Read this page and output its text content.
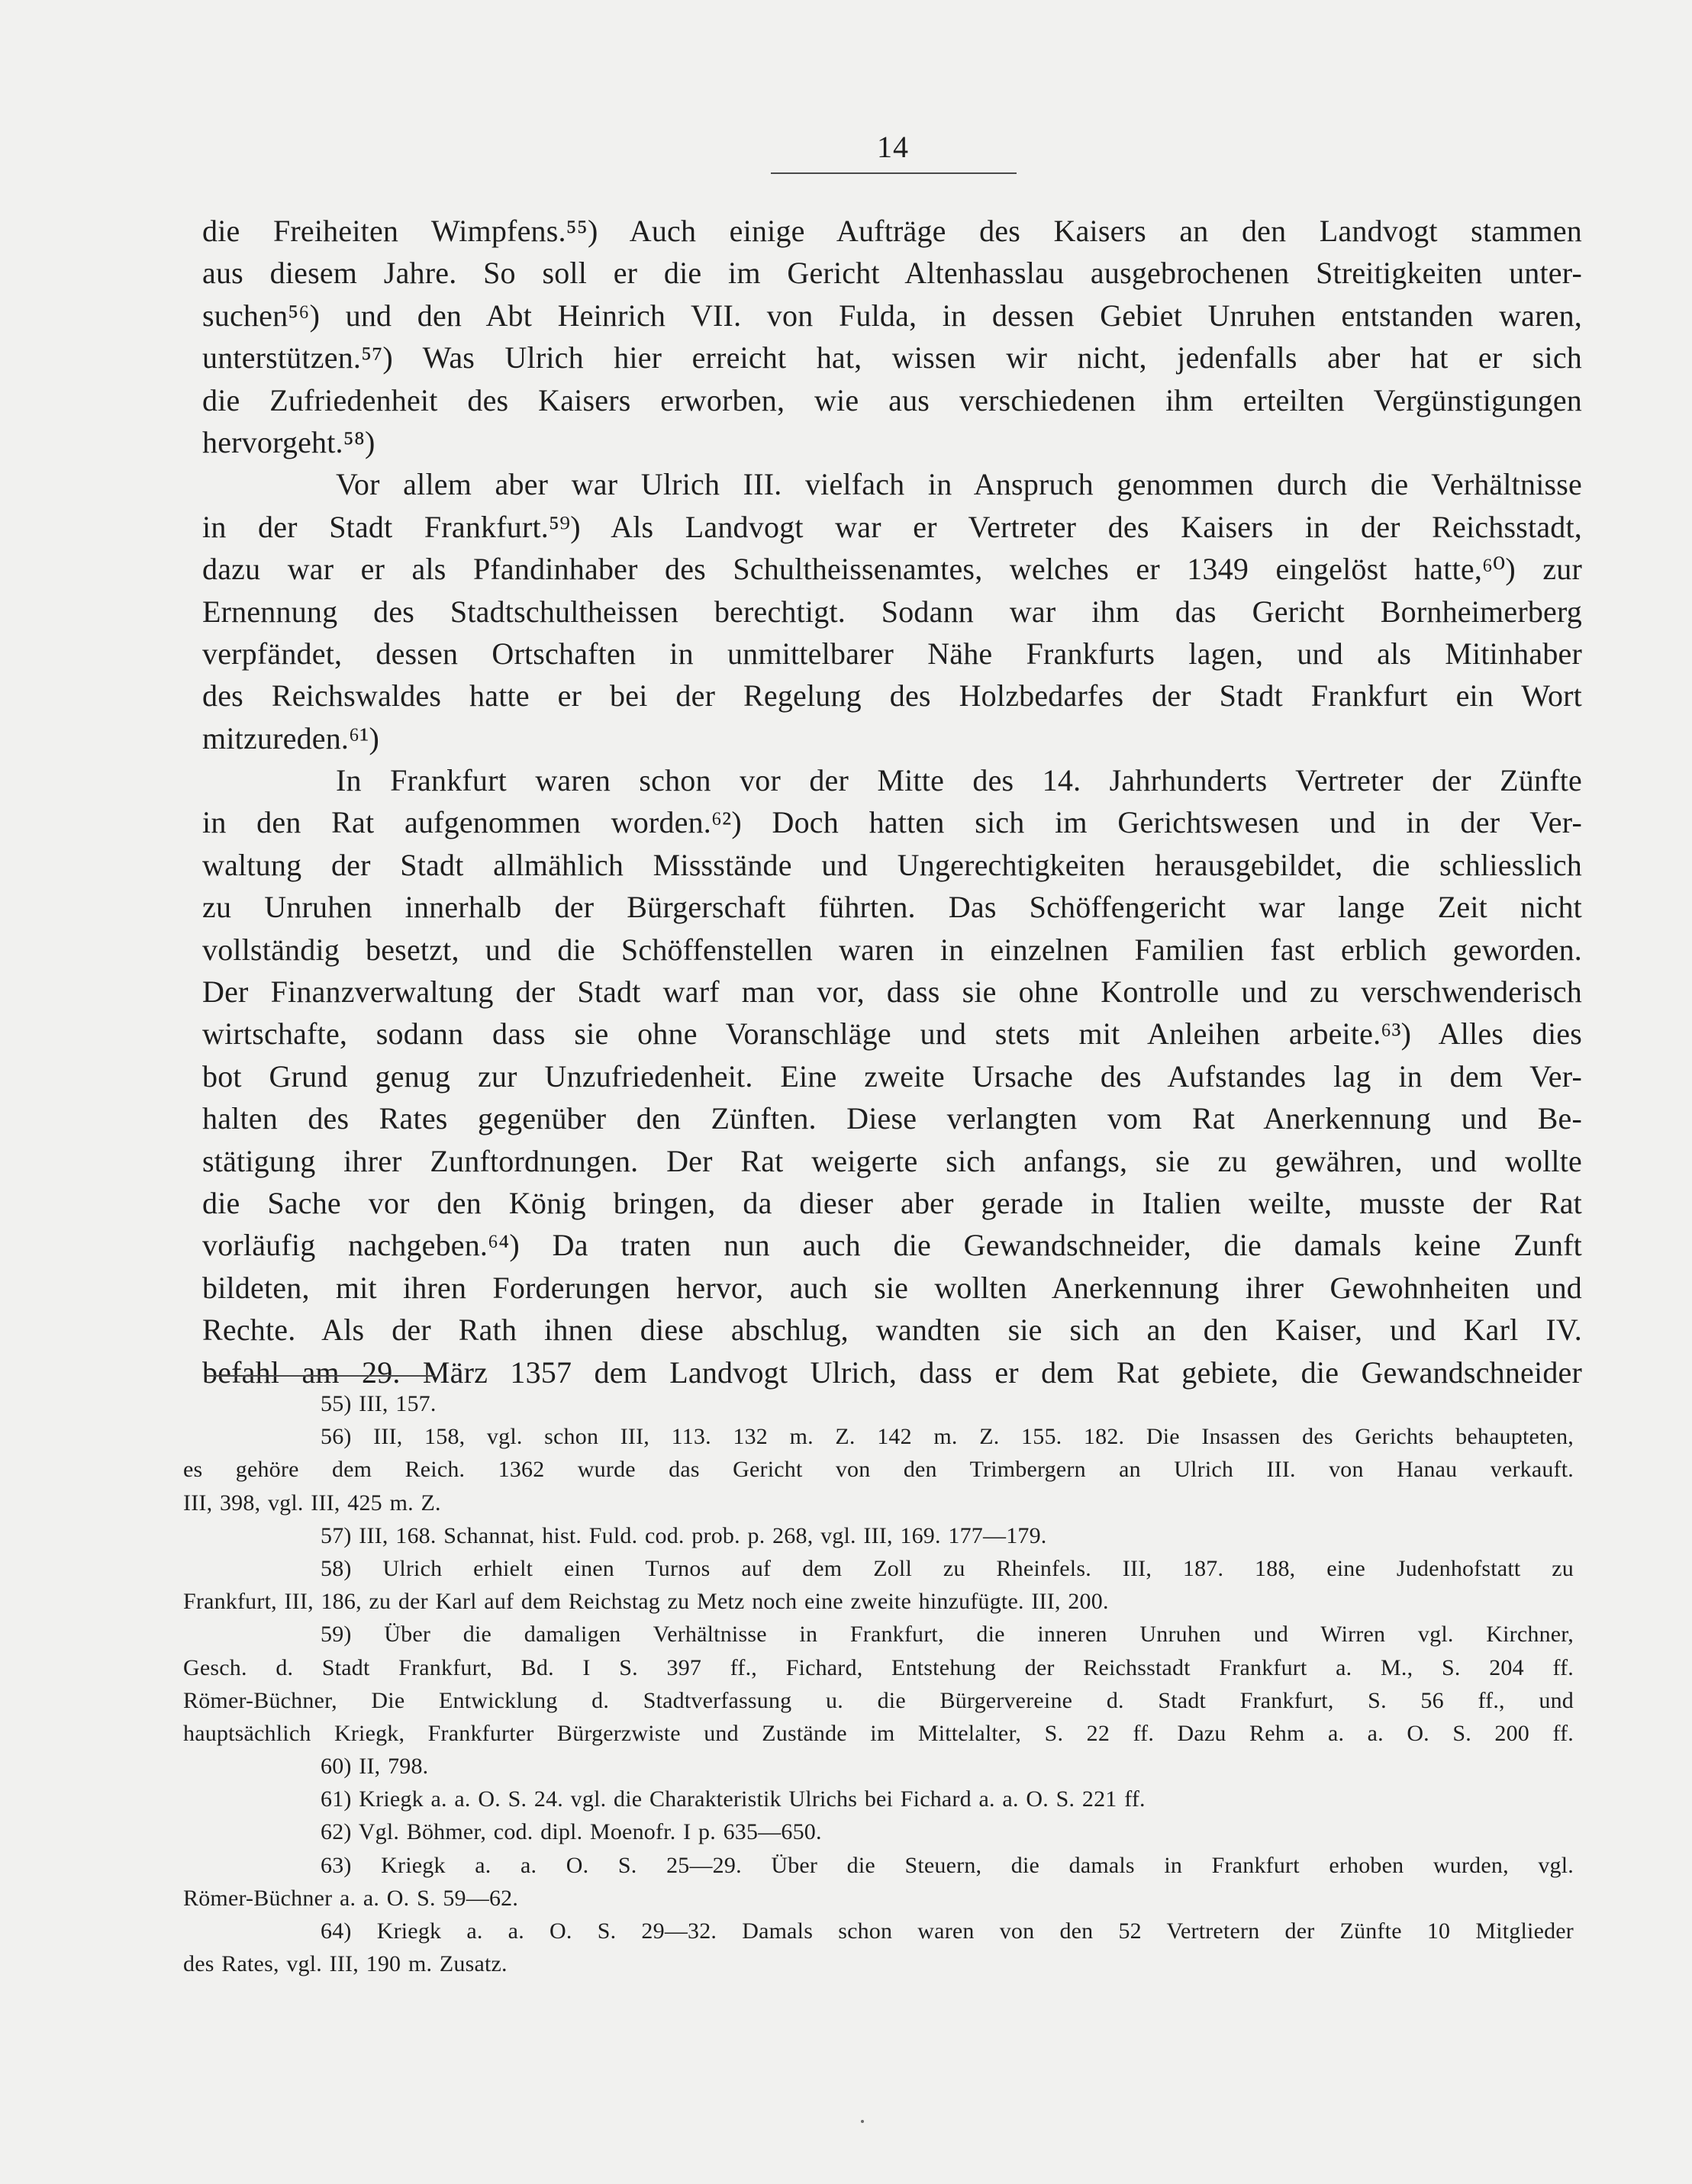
14
die Freiheiten Wimpfens.⁵⁵) Auch einige Aufträge des Kaisers an den Landvogt stammen
aus diesem Jahre. So soll er die im Gericht Altenhasslau ausgebrochenen Streitigkeiten unter-
suchen⁵⁶) und den Abt Heinrich VII. von Fulda, in dessen Gebiet Unruhen entstanden waren,
unterstützen.⁵⁷) Was Ulrich hier erreicht hat, wissen wir nicht, jedenfalls aber hat er sich
die Zufriedenheit des Kaisers erworben, wie aus verschiedenen ihm erteilten Vergünstigungen
hervorgeht.⁵⁸)
Vor allem aber war Ulrich III. vielfach in Anspruch genommen durch die Verhältnisse
in der Stadt Frankfurt.⁵⁹) Als Landvogt war er Vertreter des Kaisers in der Reichsstadt,
dazu war er als Pfandinhaber des Schultheissenamtes, welches er 1349 eingelöst hatte,⁶⁰) zur
Ernennung des Stadtschultheissen berechtigt. Sodann war ihm das Gericht Bornheimerberg
verpfändet, dessen Ortschaften in unmittelbarer Nähe Frankfurts lagen, und als Mitinhaber
des Reichswaldes hatte er bei der Regelung des Holzbedarfes der Stadt Frankfurt ein Wort
mitzureden.⁶¹)
In Frankfurt waren schon vor der Mitte des 14. Jahrhunderts Vertreter der Zünfte
in den Rat aufgenommen worden.⁶²) Doch hatten sich im Gerichtswesen und in der Ver-
waltung der Stadt allmählich Missstände und Ungerechtigkeiten herausgebildet, die schliesslich
zu Unruhen innerhalb der Bürgerschaft führten. Das Schöffengericht war lange Zeit nicht
vollständig besetzt, und die Schöffenstellen waren in einzelnen Familien fast erblich geworden.
Der Finanzverwaltung der Stadt warf man vor, dass sie ohne Kontrolle und zu verschwenderisch
wirtschafte, sodann dass sie ohne Voranschläge und stets mit Anleihen arbeite.⁶³) Alles dies
bot Grund genug zur Unzufriedenheit. Eine zweite Ursache des Aufstandes lag in dem Ver-
halten des Rates gegenüber den Zünften. Diese verlangten vom Rat Anerkennung und Be-
stätigung ihrer Zunftordnungen. Der Rat weigerte sich anfangs, sie zu gewähren, und wollte
die Sache vor den König bringen, da dieser aber gerade in Italien weilte, musste der Rat
vorläufig nachgeben.⁶⁴) Da traten nun auch die Gewandschneider, die damals keine Zunft
bildeten, mit ihren Forderungen hervor, auch sie wollten Anerkennung ihrer Gewohnheiten und
Rechte. Als der Rath ihnen diese abschlug, wandten sie sich an den Kaiser, und Karl IV.
befahl am 29. März 1357 dem Landvogt Ulrich, dass er dem Rat gebiete, die Gewandschneider
55) III, 157.
56) III, 158, vgl. schon III, 113. 132 m. Z. 142 m. Z. 155. 182. Die Insassen des Gerichts behaupteten,
es gehöre dem Reich. 1362 wurde das Gericht von den Trimbergern an Ulrich III. von Hanau verkauft.
III, 398, vgl. III, 425 m. Z.
57) III, 168. Schannat, hist. Fuld. cod. prob. p. 268, vgl. III, 169. 177—179.
58) Ulrich erhielt einen Turnos auf dem Zoll zu Rheinfels. III, 187. 188, eine Judenhofstatt zu
Frankfurt, III, 186, zu der Karl auf dem Reichstag zu Metz noch eine zweite hinzufügte. III, 200.
59) Über die damaligen Verhältnisse in Frankfurt, die inneren Unruhen und Wirren vgl. Kirchner,
Gesch. d. Stadt Frankfurt, Bd. I S. 397 ff., Fichard, Entstehung der Reichsstadt Frankfurt a. M., S. 204 ff.
Römer-Büchner, Die Entwicklung d. Stadtverfassung u. die Bürgervereine d. Stadt Frankfurt, S. 56 ff., und
hauptsächlich Kriegk, Frankfurter Bürgerzwiste und Zustände im Mittelalter, S. 22 ff. Dazu Rehm a. a. O. S. 200 ff.
60) II, 798.
61) Kriegk a. a. O. S. 24. vgl. die Charakteristik Ulrichs bei Fichard a. a. O. S. 221 ff.
62) Vgl. Böhmer, cod. dipl. Moenofr. I p. 635—650.
63) Kriegk a. a. O. S. 25—29. Über die Steuern, die damals in Frankfurt erhoben wurden, vgl.
Römer-Büchner a. a. O. S. 59—62.
64) Kriegk a. a. O. S. 29—32. Damals schon waren von den 52 Vertretern der Zünfte 10 Mitglieder
des Rates, vgl. III, 190 m. Zusatz.
